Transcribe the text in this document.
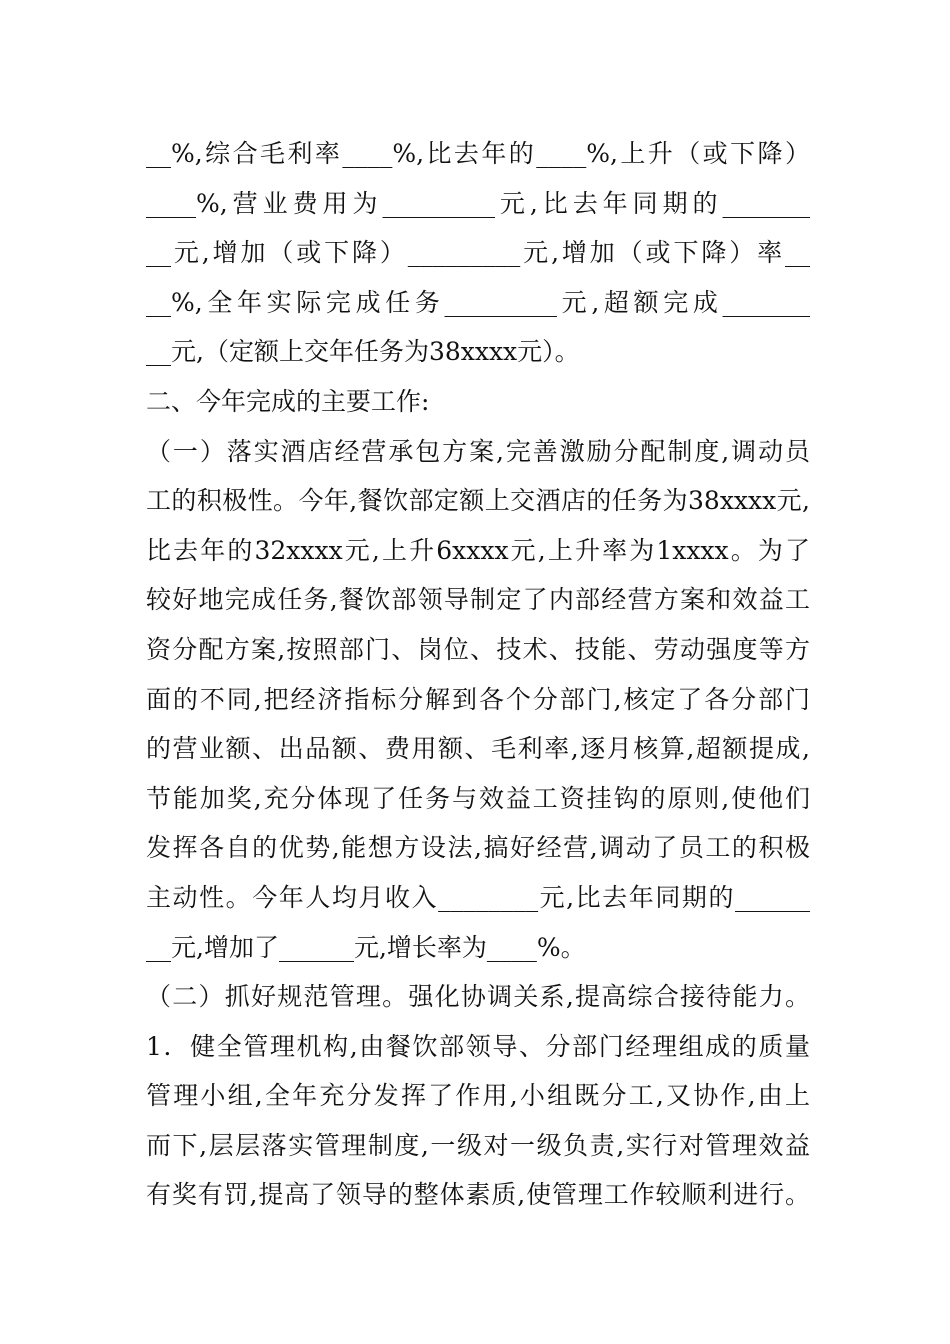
__%,综合毛利率____%,比去年的____%,上升（或下降）
____%,营业费用为_________元,比去年同期的_______
__元,增加（或下降）_________元,增加（或下降）率__
__%,全年实际完成任务_________元,超额完成_______
__元,（定额上交年任务为38xxxx元）。
二、今年完成的主要工作:
（一）落实酒店经营承包方案,完善激励分配制度,调动员
工的积极性。今年,餐饮部定额上交酒店的任务为38xxxx元,
比去年的32xxxx元,上升6xxxx元,上升率为1xxxx。为了
较好地完成任务,餐饮部领导制定了内部经营方案和效益工
资分配方案,按照部门、岗位、技术、技能、劳动强度等方
面的不同,把经济指标分解到各个分部门,核定了各分部门
的营业额、出品额、费用额、毛利率,逐月核算,超额提成,
节能加奖,充分体现了任务与效益工资挂钩的原则,使他们
发挥各自的优势,能想方设法,搞好经营,调动了员工的积极
主动性。今年人均月收入________元,比去年同期的______
__元,增加了______元,增长率为____%。
（二）抓好规范管理。强化协调关系,提高综合接待能力。
1．健全管理机构,由餐饮部领导、分部门经理组成的质量
管理小组,全年充分发挥了作用,小组既分工,又协作,由上
而下,层层落实管理制度,一级对一级负责,实行对管理效益
有奖有罚,提高了领导的整体素质,使管理工作较顺利进行。
